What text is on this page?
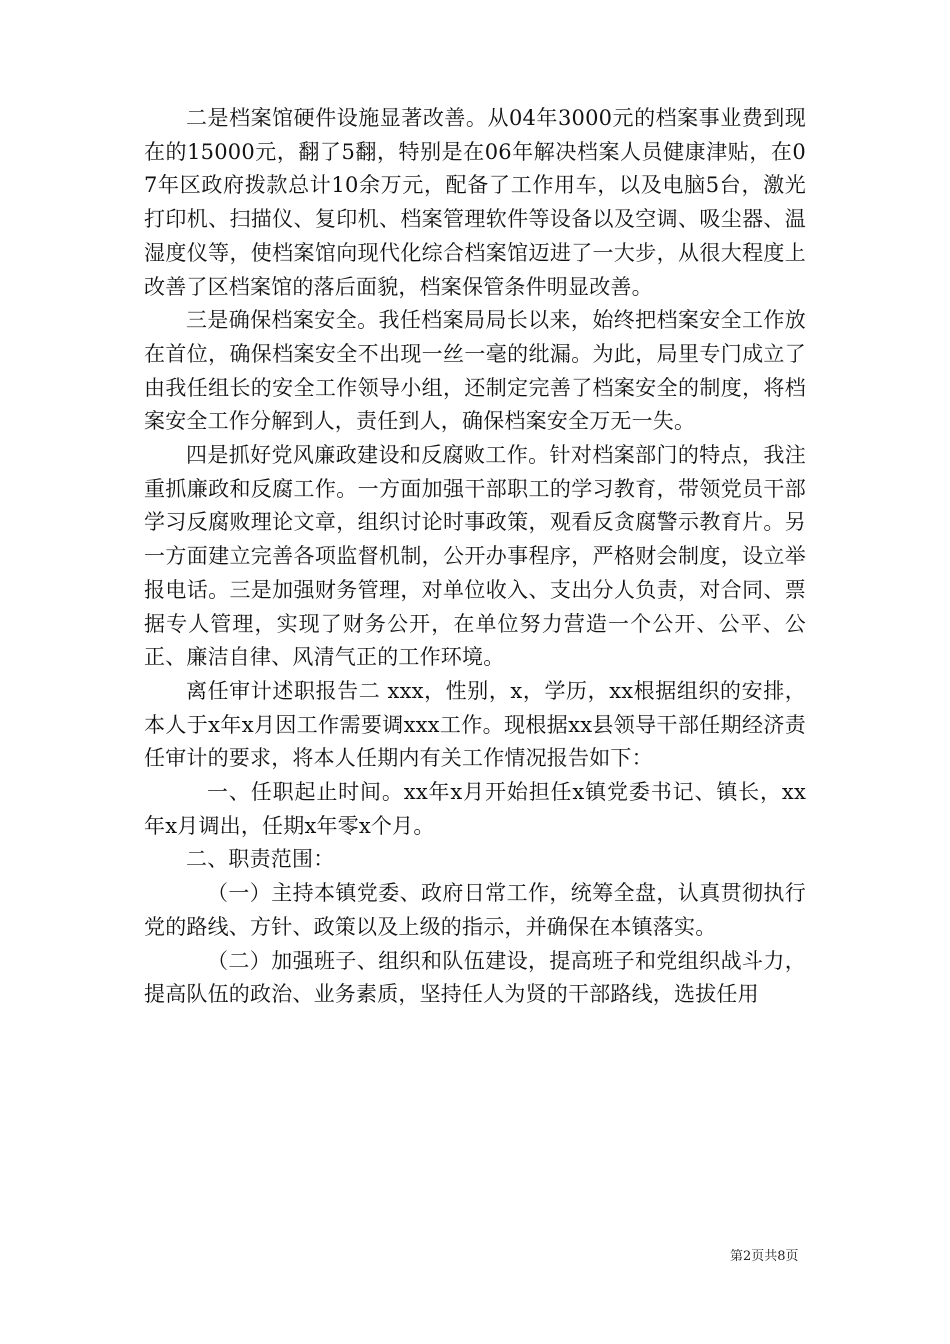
二是档案馆硬件设施显著改善。从04年3000元的档案事业费到现在的15000元，翻了5翻，特别是在06年解决档案人员健康津贴，在07年区政府拨款总计10余万元，配备了工作用车，以及电脑5台，激光打印机、扫描仪、复印机、档案管理软件等设备以及空调、吸尘器、温湿度仪等，使档案馆向现代化综合档案馆迈进了一大步，从很大程度上改善了区档案馆的落后面貌，档案保管条件明显改善。

三是确保档案安全。我任档案局局长以来，始终把档案安全工作放在首位，确保档案安全不出现一丝一毫的纰漏。为此，局里专门成立了由我任组长的安全工作领导小组，还制定完善了档案安全的制度，将档案安全工作分解到人，责任到人，确保档案安全万无一失。

四是抓好党风廉政建设和反腐败工作。针对档案部门的特点，我注重抓廉政和反腐工作。一方面加强干部职工的学习教育，带领党员干部学习反腐败理论文章，组织讨论时事政策，观看反贪腐警示教育片。另一方面建立完善各项监督机制，公开办事程序，严格财会制度，设立举报电话。三是加强财务管理，对单位收入、支出分人负责，对合同、票据专人管理，实现了财务公开，在单位努力营造一个公开、公平、公正、廉洁自律、风清气正的工作环境。

离任审计述职报告二 xxx，性别，x，学历，xx根据组织的安排，本人于x年x月因工作需要调xxx工作。现根据xx县领导干部任期经济责任审计的要求，将本人任期内有关工作情况报告如下：

一、任职起止时间。xx年x月开始担任x镇党委书记、镇长，xx年x月调出，任期x年零x个月。

二、职责范围：

（一）主持本镇党委、政府日常工作，统筹全盘，认真贯彻执行党的路线、方针、政策以及上级的指示，并确保在本镇落实。

（二）加强班子、组织和队伍建设，提高班子和党组织战斗力，提高队伍的政治、业务素质，坚持任人为贤的干部路线，选拔任用

第2页共8页
